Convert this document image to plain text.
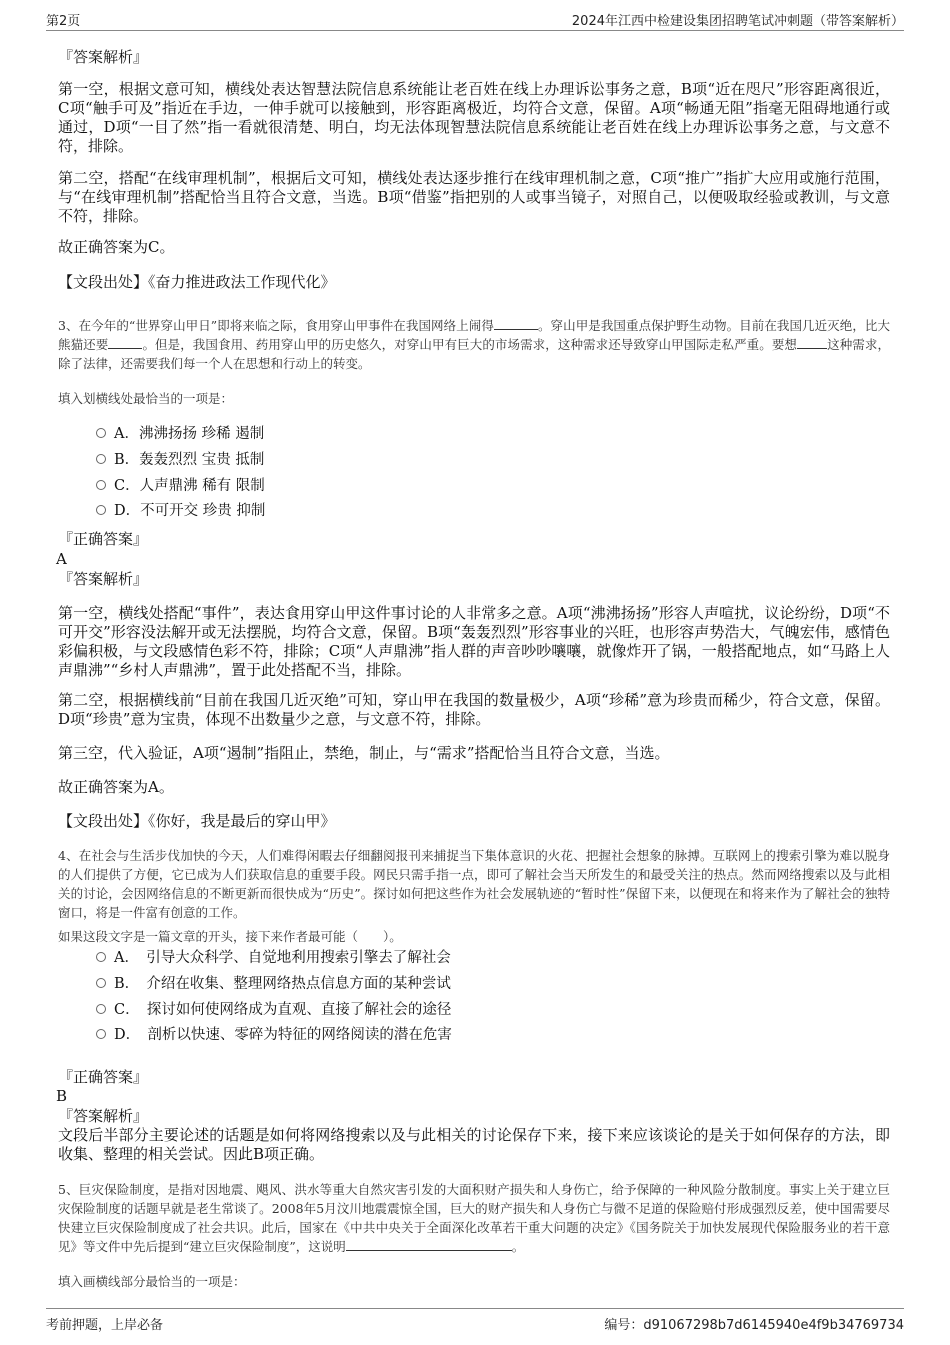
第2页	2024年江西中检建设集团招聘笔试冲刺题（带答案解析）
『答案解析』
第一空，根据文意可知，横线处表达智慧法院信息系统能让老百姓在线上办理诉讼事务之意，B项“近在咫尺”形容距离很近，C项“触手可及”指近在手边，一伸手就可以接触到，形容距离极近，均符合文意，保留。A项“畅通无阻”指毫无阻碍地通行或通过，D项“一目了然”指一看就很清楚、明白，均无法体现智慧法院信息系统能让老百姓在线上办理诉讼事务之意，与文意不符，排除。
第二空，搭配“在线审理机制”，根据后文可知，横线处表达逐步推行在线审理机制之意，C项“推广”指扩大应用或施行范围，与“在线审理机制”搭配恰当且符合文意，当选。B项“借鉴”指把别的人或事当镜子，对照自己，以便吸取经验或教训，与文意不符，排除。
故正确答案为C。
【文段出处】《奋力推进政法工作现代化》
3、在今年的“世界穿山甲日”即将来临之际，食用穿山甲事件在我国网络上闹得	。穿山甲是我国重点保护野生动物。目前在我国几近灭绝，比大熊猫还要	。但是，我国食用、药用穿山甲的历史悠久，对穿山甲有巨大的市场需求，这种需求还导致穿山甲国际走私严重。要想 这种需求，除了法律，还需要我们每一个人在思想和行动上的转变。
填入划横线处最恰当的一项是：
A．沸沸扬扬 珍稀 遏制
B．轰轰烈烈 宝贵 抵制
C．人声鼎沸 稀有 限制
D．不可开交 珍贵 抑制
『正确答案』
A
『答案解析』
第一空，横线处搭配“事件”，表达食用穿山甲这件事讨论的人非常多之意。A项“沸沸扬扬”形容人声喧扰，议论纷纷，D项“不可开交”形容没法解开或无法摆脱，均符合文意，保留。B项“轰轰烈烈”形容事业的兴旺，也形容声势浩大，气魄宏伟，感情色彩偏积极，与文段感情色彩不符，排除；C项“人声鼎沸”指人群的声音吵吵嚷嚷，就像炸开了锅，一般搭配地点，如“马路上人声鼎沸”“乡村人声鼎沸”，置于此处搭配不当，排除。
第二空，根据横线前“目前在我国几近灭绝”可知，穿山甲在我国的数量极少，A项“珍稀”意为珍贵而稀少，符合文意，保留。D项“珍贵”意为宝贵，体现不出数量少之意，与文意不符，排除。
第三空，代入验证，A项“遏制”指阻止，禁绝，制止，与“需求”搭配恰当且符合文意，当选。
故正确答案为A。
【文段出处】《你好，我是最后的穿山甲》
4、在社会与生活步伐加快的今天，人们难得闲暇去仔细翻阅报刊来捕捉当下集体意识的火花、把握社会想象的脉搏。互联网上的搜索引擎为难以脱身的人们提供了方便，它已成为人们获取信息的重要手段。网民只需手指一点，即可了解社会当天所发生的和最受关注的热点。然而网络搜索以及与此相关的讨论，会因网络信息的不断更新而很快成为“历史”。探讨如何把这些作为社会发展轨迹的“暂时性”保留下来，以便现在和将来作为了解社会的独特窗口，将是一件富有创意的工作。
如果这段文字是一篇文章的开头，接下来作者最可能（　　）。
A．　引导大众科学、自觉地利用搜索引擎去了解社会
B．　介绍在收集、整理网络热点信息方面的某种尝试
C．　探讨如何使网络成为直观、直接了解社会的途径
D．　剖析以快速、零碎为特征的网络阅读的潜在危害
『正确答案』
B
『答案解析』
文段后半部分主要论述的话题是如何将网络搜索以及与此相关的讨论保存下来，接下来应该谈论的是关于如何保存的方法，即收集、整理的相关尝试。因此B项正确。
5、巨灾保险制度，是指对因地震、飓风、洪水等重大自然灾害引发的大面积财产损失和人身伤亡，给予保障的一种风险分散制度。事实上关于建立巨灾保险制度的话题早就是老生常谈了。2008年5月汶川地震震惊全国，巨大的财产损失和人身伤亡与微不足道的保险赔付形成强烈反差，使中国需要尽快建立巨灾保险制度成了社会共识。此后，国家在《中共中央关于全面深化改革若干重大问题的决定》《国务院关于加快发展现代保险服务业的若干意见》等文件中先后提到“建立巨灾保险制度”，这说明	。
填入画横线部分最恰当的一项是：
考前押题，上岸必备	编号：d91067298b7d6145940e4f9b34769734
